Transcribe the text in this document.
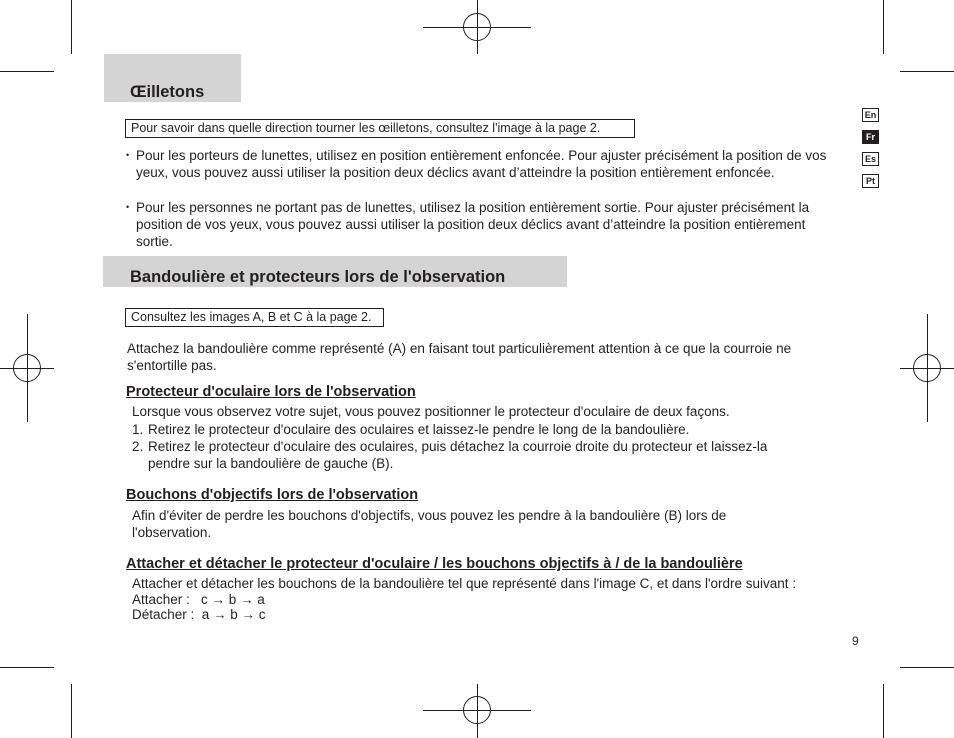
En
Fr
Es
Pt
Œilletons
Pour savoir dans quelle direction tourner les œilletons, consultez l'image à la page 2.
• Pour les porteurs de lunettes, utilisez en position entièrement enfoncée. Pour ajuster précisément la position de vos yeux, vous pouvez aussi utiliser la position deux déclics avant d’atteindre la position entièrement enfoncée.
• Pour les personnes ne portant pas de lunettes, utilisez la position entièrement sortie. Pour ajuster précisément la position de vos yeux, vous pouvez aussi utiliser la position deux déclics avant d’atteindre la position entièrement sortie.
Bandoulière et protecteurs lors de l'observation
Consultez les images A, B et C à la page 2.
Attachez la bandoulière comme représenté (A) en faisant tout particulièrement attention à ce que la courroie ne s'entortille pas.
Protecteur d'oculaire lors de l'observation
Lorsque vous observez votre sujet, vous pouvez positionner le protecteur d'oculaire de deux façons.
1. Retirez le protecteur d'oculaire des oculaires et laissez-le pendre le long de la bandoulière.
2. Retirez le protecteur d'oculaire des oculaires, puis détachez la courroie droite du protecteur et laissez-la pendre sur la bandoulière de gauche (B).
Bouchons d'objectifs lors de l'observation
Afin d'éviter de perdre les bouchons d'objectifs, vous pouvez les pendre à la bandoulière (B) lors de l'observation.
Attacher et détacher le protecteur d'oculaire / les bouchons objectifs à / de la bandoulière
Attacher et détacher les bouchons de la bandoulière tel que représenté dans l'image C, et dans l'ordre suivant :
Attacher :   c → b → a
Détacher :  a → b → c
9
